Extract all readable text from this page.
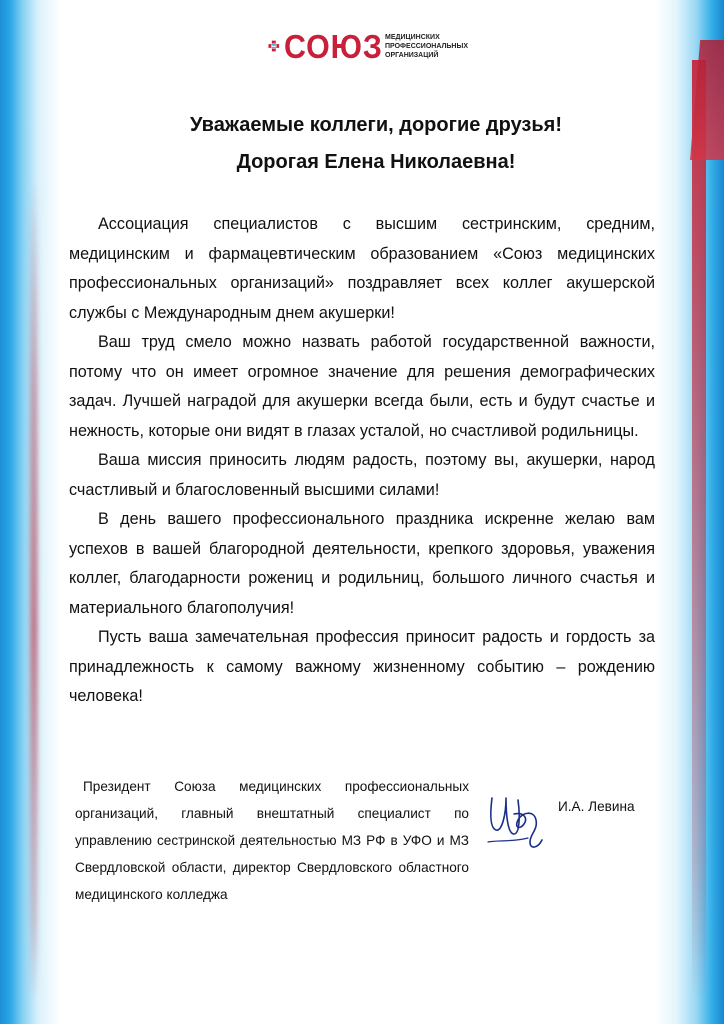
СОЮЗ МЕДИЦИНСКИХ
ПРОФЕССИОНАЛЬНЫХ
ОРГАНИЗАЦИЙ
Уважаемые коллеги, дорогие друзья!
Дорогая Елена Николаевна!

Ассоциация специалистов с высшим сестринским, средним, медицинским и фармацевтическим образованием «Союз медицинских профессиональных организаций» поздравляет всех коллег акушерской службы с Международным днем акушерки!

Ваш труд смело можно назвать работой государственной важности, потому что он имеет огромное значение для решения демографических задач. Лучшей наградой для акушерки всегда были, есть и будут счастье и нежность, которые они видят в глазах усталой, но счастливой родильницы.

Ваша миссия приносить людям радость, поэтому вы, акушерки, народ счастливый и благословенный высшими силами!

В день вашего профессионального праздника искренне желаю вам успехов в вашей благородной деятельности, крепкого здоровья, уважения коллег, благодарности рожениц и родильниц, большого личного счастья и материального благополучия!

Пусть ваша замечательная профессия приносит радость и гордость за принадлежность к самому важному жизненному событию – рождению человека!

Президент Союза медицинских профессиональных организаций, главный внештатный специалист по управлению сестринской деятельностью МЗ РФ в УФО и МЗ Свердловской области, директор Свердловского областного медицинского колледжа
И.А. Левина
